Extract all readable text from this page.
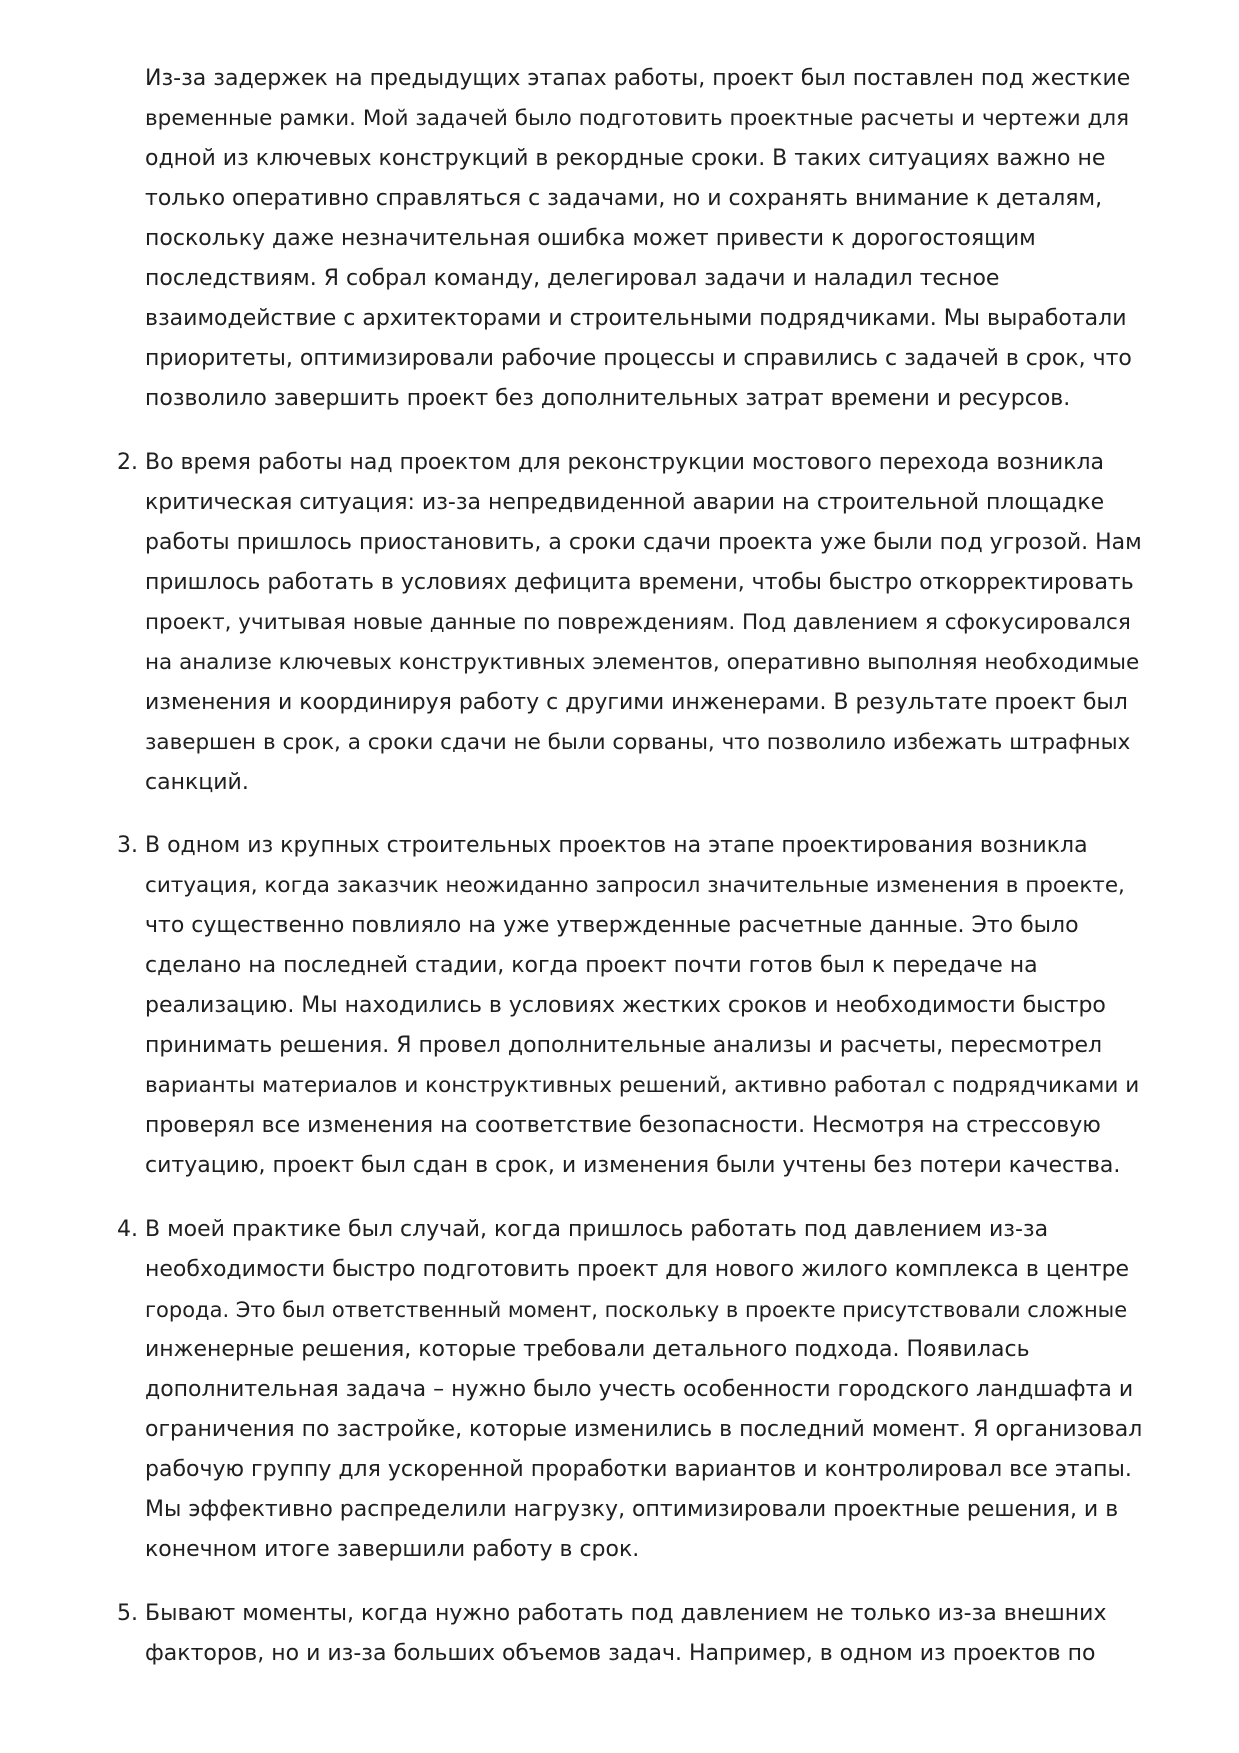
Из-за задержек на предыдущих этапах работы, проект был поставлен под жесткие
временные рамки. Мой задачей было подготовить проектные расчеты и чертежи для
одной из ключевых конструкций в рекордные сроки. В таких ситуациях важно не
только оперативно справляться с задачами, но и сохранять внимание к деталям,
поскольку даже незначительная ошибка может привести к дорогостоящим
последствиям. Я собрал команду, делегировал задачи и наладил тесное
взаимодействие с архитекторами и строительными подрядчиками. Мы выработали
приоритеты, оптимизировали рабочие процессы и справились с задачей в срок, что
позволило завершить проект без дополнительных затрат времени и ресурсов.
2. Во время работы над проектом для реконструкции мостового перехода возникла
критическая ситуация: из-за непредвиденной аварии на строительной площадке
работы пришлось приостановить, а сроки сдачи проекта уже были под угрозой. Нам
пришлось работать в условиях дефицита времени, чтобы быстро откорректировать
проект, учитывая новые данные по повреждениям. Под давлением я сфокусировался
на анализе ключевых конструктивных элементов, оперативно выполняя необходимые
изменения и координируя работу с другими инженерами. В результате проект был
завершен в срок, а сроки сдачи не были сорваны, что позволило избежать штрафных
санкций.
3. В одном из крупных строительных проектов на этапе проектирования возникла
ситуация, когда заказчик неожиданно запросил значительные изменения в проекте,
что существенно повлияло на уже утвержденные расчетные данные. Это было
сделано на последней стадии, когда проект почти готов был к передаче на
реализацию. Мы находились в условиях жестких сроков и необходимости быстро
принимать решения. Я провел дополнительные анализы и расчеты, пересмотрел
варианты материалов и конструктивных решений, активно работал с подрядчиками и
проверял все изменения на соответствие безопасности. Несмотря на стрессовую
ситуацию, проект был сдан в срок, и изменения были учтены без потери качества.
4. В моей практике был случай, когда пришлось работать под давлением из-за
необходимости быстро подготовить проект для нового жилого комплекса в центре
города. Это был ответственный момент, поскольку в проекте присутствовали сложные
инженерные решения, которые требовали детального подхода. Появилась
дополнительная задача – нужно было учесть особенности городского ландшафта и
ограничения по застройке, которые изменились в последний момент. Я организовал
рабочую группу для ускоренной проработки вариантов и контролировал все этапы.
Мы эффективно распределили нагрузку, оптимизировали проектные решения, и в
конечном итоге завершили работу в срок.
5. Бывают моменты, когда нужно работать под давлением не только из-за внешних
факторов, но и из-за больших объемов задач. Например, в одном из проектов по
